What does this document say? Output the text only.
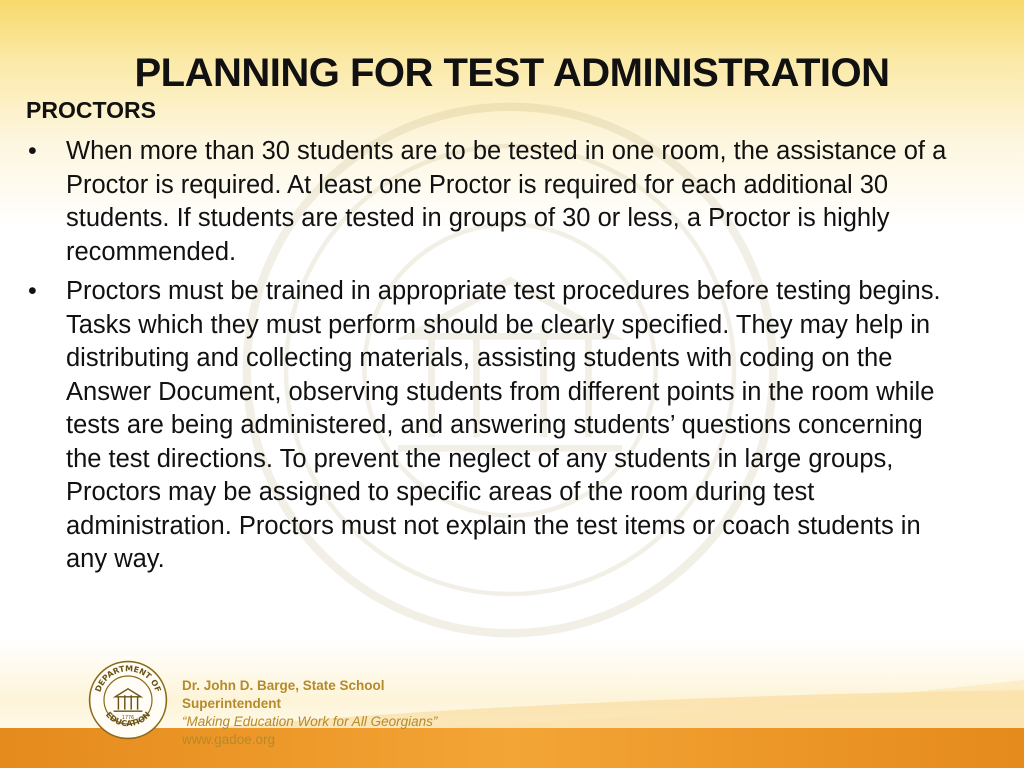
PLANNING FOR TEST ADMINISTRATION
PROCTORS
• When more than 30 students are to be tested in one room, the assistance of a Proctor is required. At least one Proctor is required for each additional 30 students. If students are tested in groups of 30 or less, a Proctor is highly recommended.
• Proctors must be trained in appropriate test procedures before testing begins. Tasks which they must perform should be clearly specified. They may help in distributing and collecting materials, assisting students with coding on the Answer Document, observing students from different points in the room while tests are being administered, and answering students’ questions concerning the test directions. To prevent the neglect of any students in large groups, Proctors may be assigned to specific areas of the room during test administration. Proctors must not explain the test items or coach students in any way.
DEPARTMENT OF
EDUCATION
1776
Dr. John D. Barge, State School
Superintendent
“Making Education Work for All Georgians”
www.gadoe.org
